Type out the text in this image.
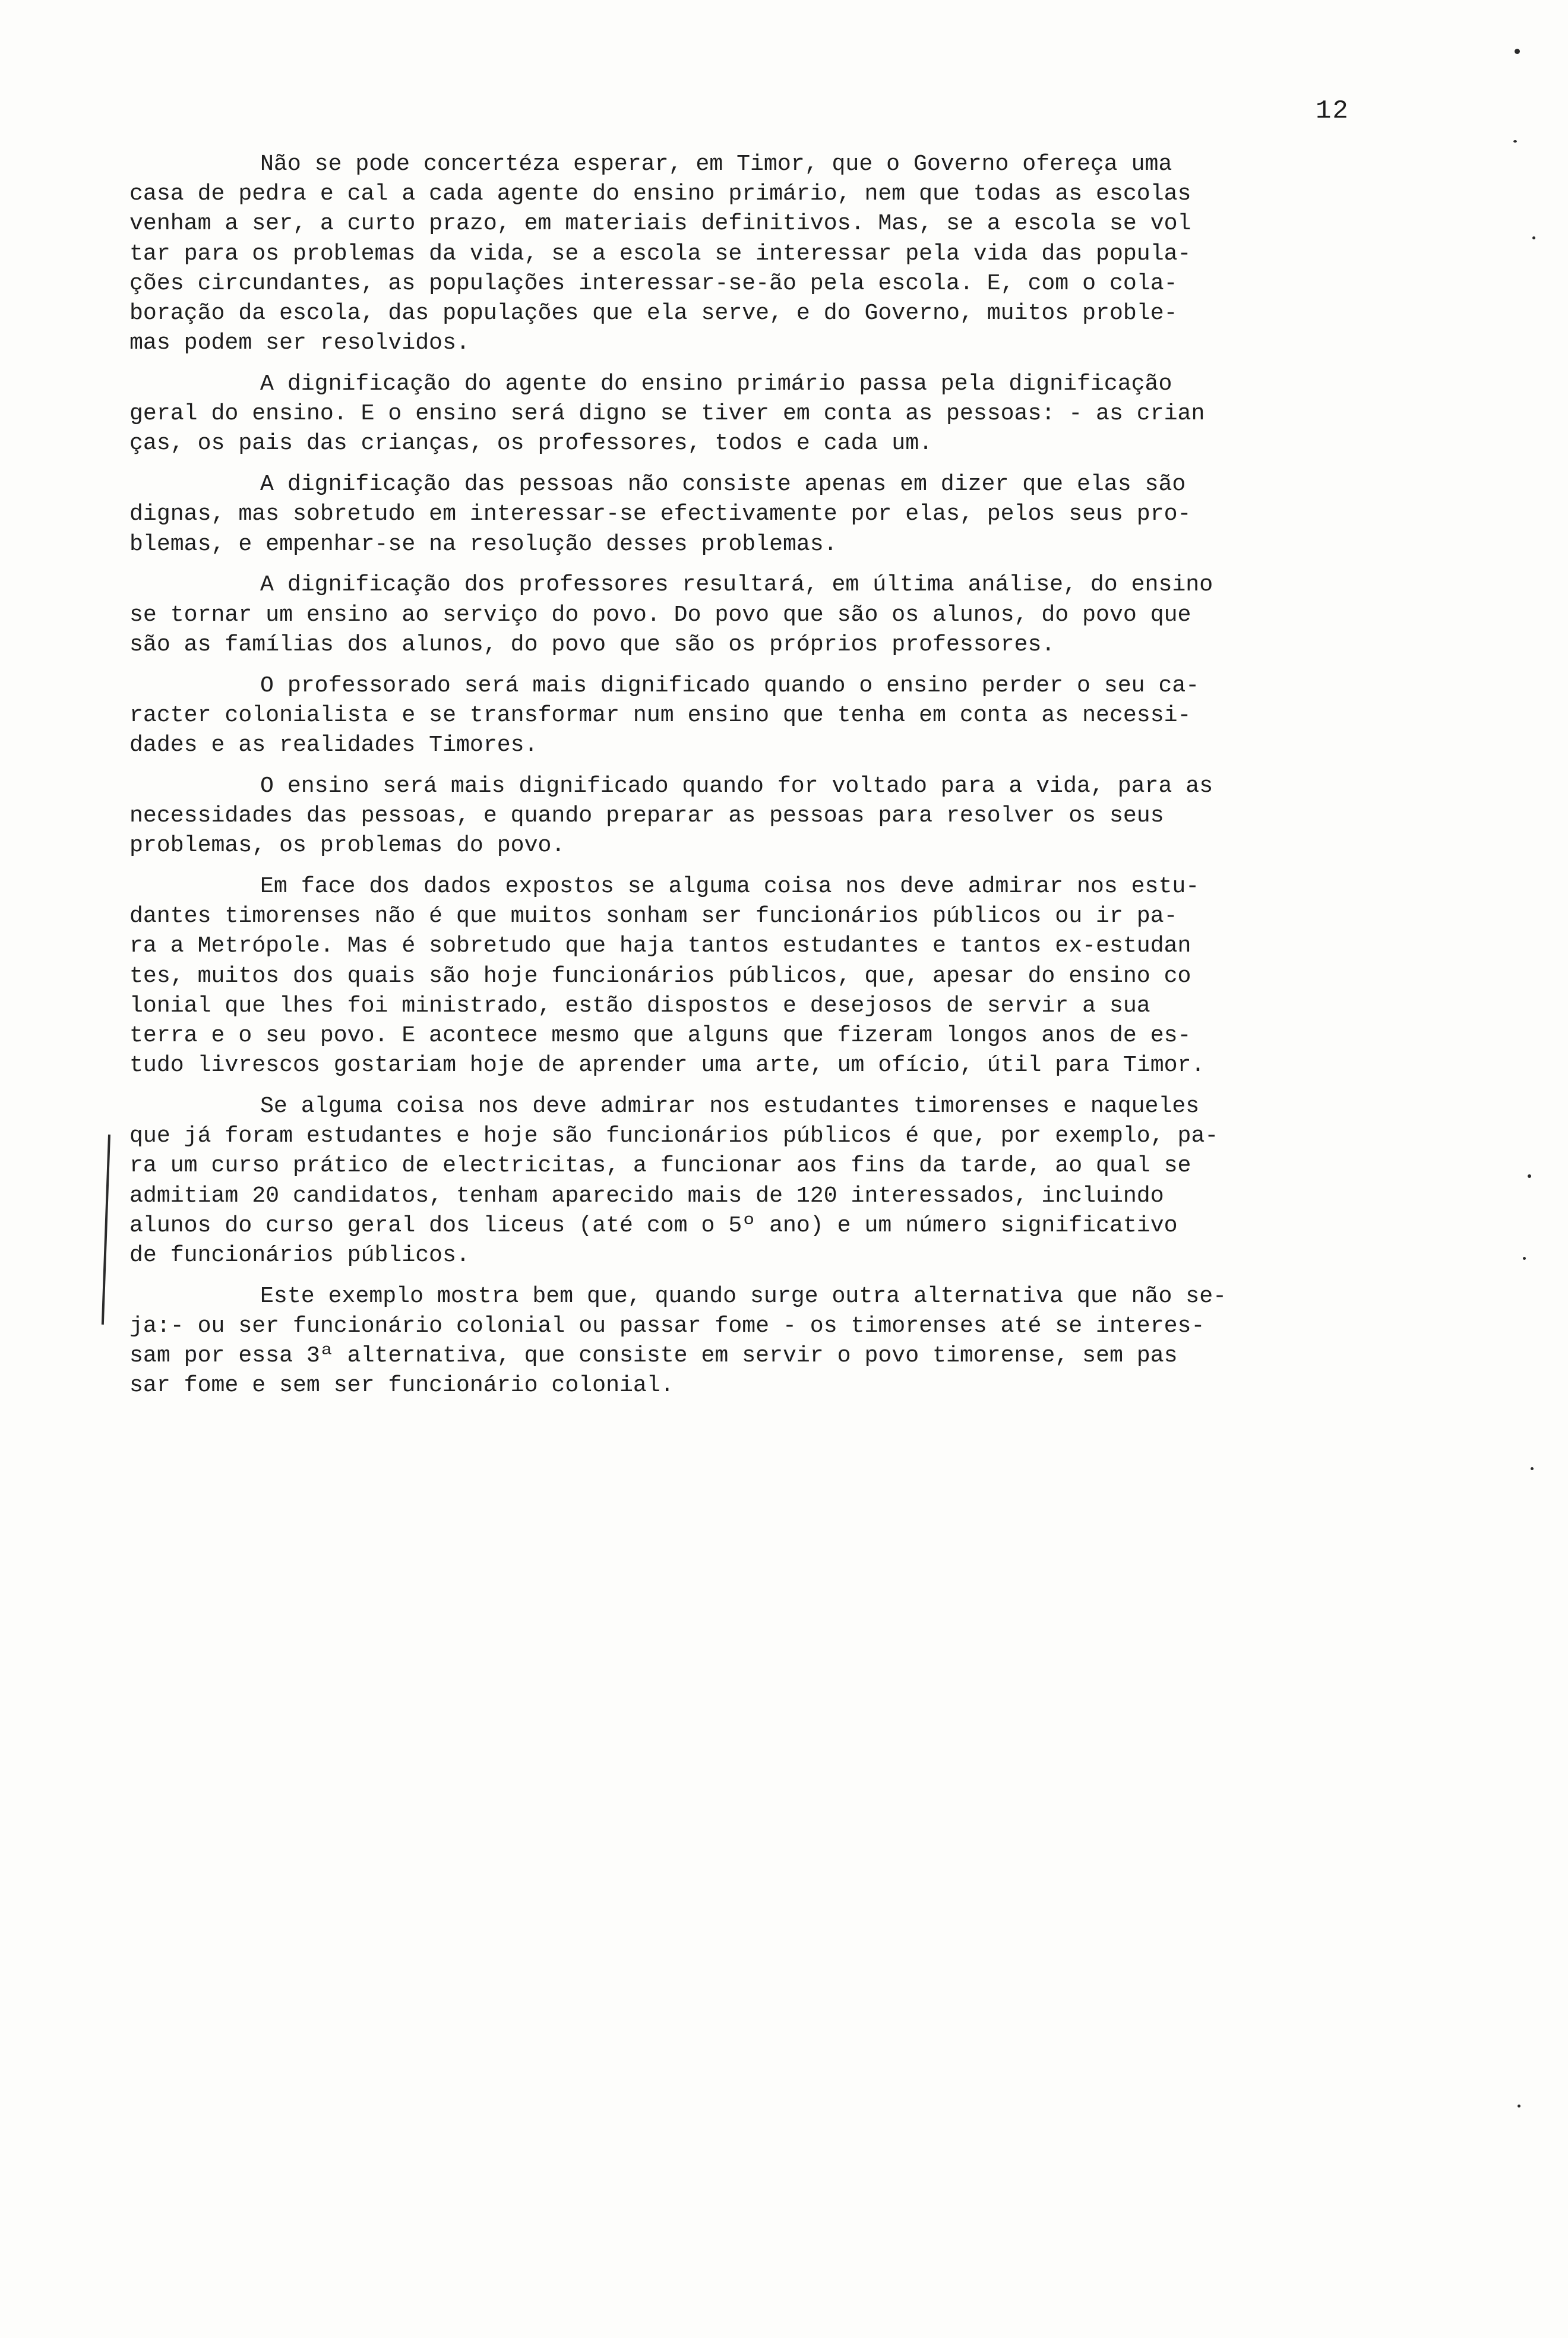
12
Não se pode concertéza esperar, em Timor, que o Governo ofereça uma
casa de pedra e cal a cada agente do ensino primário, nem que todas as escolas
venham a ser, a curto prazo, em materiais definitivos. Mas, se a escola se vol
tar para os problemas da vida, se a escola se interessar pela vida das popula-
ções circundantes, as populações interessar-se-ão pela escola. E, com o cola-
boração da escola, das populações que ela serve, e do Governo, muitos proble-
mas podem ser resolvidos.
A dignificação do agente do ensino primário passa pela dignificação
geral do ensino. E o ensino será digno se tiver em conta as pessoas: - as crian
ças, os pais das crianças, os professores, todos e cada um.
A dignificação das pessoas não consiste apenas em dizer que elas são
dignas, mas sobretudo em interessar-se efectivamente por elas, pelos seus pro-
blemas, e empenhar-se na resolução desses problemas.
A dignificação dos professores resultará, em última análise, do ensino
se tornar um ensino ao serviço do povo. Do povo que são os alunos, do povo que
são as famílias dos alunos, do povo que são os próprios professores.
O professorado será mais dignificado quando o ensino perder o seu ca-
racter colonialista e se transformar num ensino que tenha em conta as necessi-
dades e as realidades Timores.
O ensino será mais dignificado quando for voltado para a vida, para as
necessidades das pessoas, e quando preparar as pessoas para resolver os seus
problemas, os problemas do povo.
Em face dos dados expostos se alguma coisa nos deve admirar nos estu-
dantes timorenses não é que muitos sonham ser funcionários públicos ou ir pa-
ra a Metrópole. Mas é sobretudo que haja tantos estudantes e tantos ex-estudan
tes, muitos dos quais são hoje funcionários públicos, que, apesar do ensino co
lonial que lhes foi ministrado, estão dispostos e desejosos de servir a sua
terra e o seu povo. E acontece mesmo que alguns que fizeram longos anos de es-
tudo livrescos gostariam hoje de aprender uma arte, um ofício, útil para Timor.
Se alguma coisa nos deve admirar nos estudantes timorenses e naqueles
que já foram estudantes e hoje são funcionários públicos é que, por exemplo, pa-
ra um curso prático de electricitas, a funcionar aos fins da tarde, ao qual se
admitiam 20 candidatos, tenham aparecido mais de 120 interessados, incluindo
alunos do curso geral dos liceus (até com o 5º ano) e um número significativo
de funcionários públicos.
Este exemplo mostra bem que, quando surge outra alternativa que não se-
ja:- ou ser funcionário colonial ou passar fome - os timorenses até se interes-
sam por essa 3ª alternativa, que consiste em servir o povo timorense, sem pas
sar fome e sem ser funcionário colonial.
